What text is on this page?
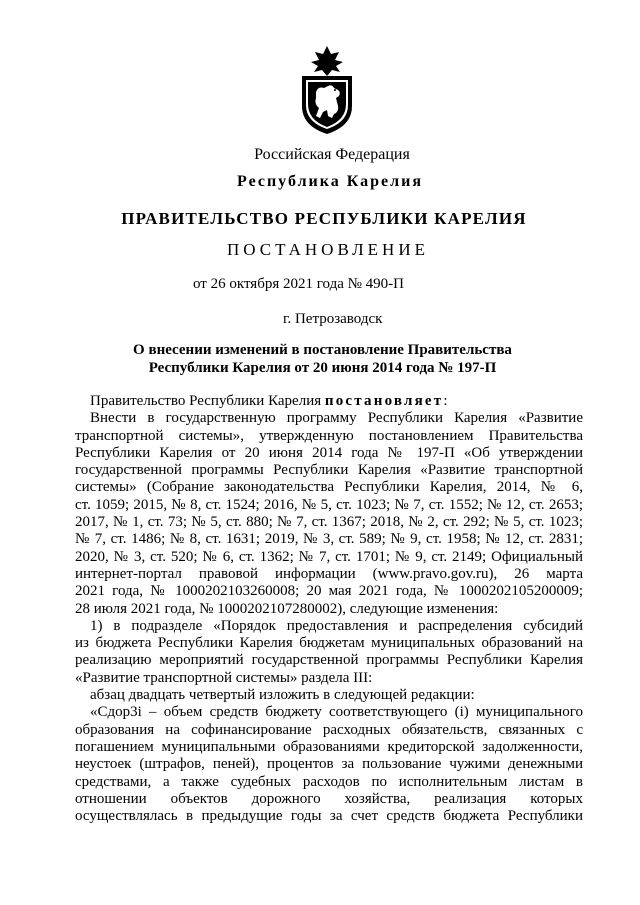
Российская Федерация
Республика Карелия
ПРАВИТЕЛЬСТВО РЕСПУБЛИКИ КАРЕЛИЯ
ПОСТАНОВЛЕНИЕ
от 26 октября 2021 года № 490-П
г. Петрозаводск
О внесении изменений в постановление Правительства
Республики Карелия от 20 июня 2014 года № 197-П
Правительство Республики Карелия постановляет:
Внести в государственную программу Республики Карелия «Развитие
транспортной системы», утвержденную постановлением Правительства
Республики Карелия от 20 июня 2014 года № 197-П «Об утверждении
государственной программы Республики Карелия «Развитие транспортной
системы» (Собрание законодательства Республики Карелия, 2014, № 6,
ст. 1059; 2015, № 8, ст. 1524; 2016, № 5, ст. 1023; № 7, ст. 1552; № 12, ст. 2653;
2017, № 1, ст. 73; № 5, ст. 880; № 7, ст. 1367; 2018, № 2, ст. 292; № 5, ст. 1023;
№ 7, ст. 1486; № 8, ст. 1631; 2019, № 3, ст. 589; № 9, ст. 1958; № 12, ст. 2831;
2020, № 3, ст. 520; № 6, ст. 1362; № 7, ст. 1701; № 9, ст. 2149; Официальный
интернет-портал правовой информации (www.pravo.gov.ru), 26 марта
2021 года, № 1000202103260008; 20 мая 2021 года, № 1000202105200009;
28 июля 2021 года, № 1000202107280002), следующие изменения:
1) в подразделе «Порядок предоставления и распределения субсидий
из бюджета Республики Карелия бюджетам муниципальных образований на
реализацию мероприятий государственной программы Республики Карелия
«Развитие транспортной системы» раздела III:
абзац двадцать четвертый изложить в следующей редакции:
«Сдор3i – объем средств бюджету соответствующего (i) муниципального
образования на софинансирование расходных обязательств, связанных с
погашением муниципальными образованиями кредиторской задолженности,
неустоек (штрафов, пеней), процентов за пользование чужими денежными
средствами, а также судебных расходов по исполнительным листам в
отношении объектов дорожного хозяйства, реализация которых
осуществлялась в предыдущие годы за счет средств бюджета Республики
